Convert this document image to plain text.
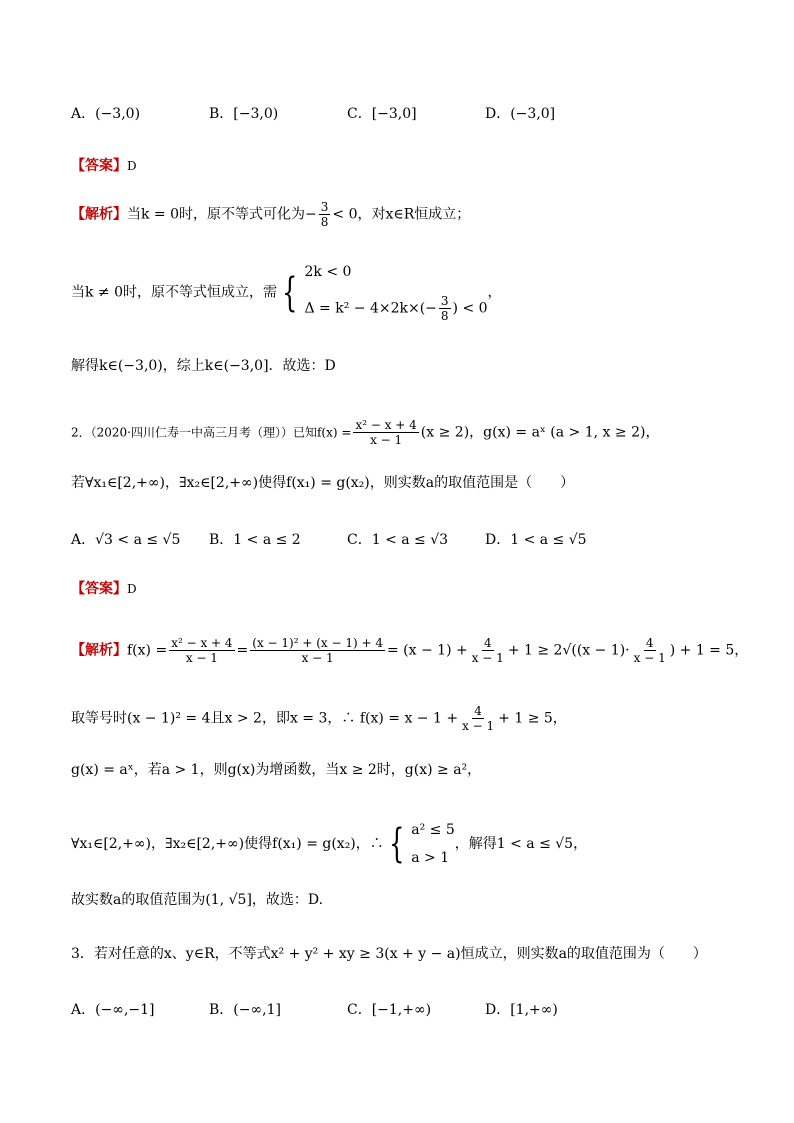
A．(−3,0)	B．[−3,0)	C．[−3,0]	D．(−3,0]
【答案】D
【解析】当k = 0时，原不等式可化为− $\frac{3}{8} < 0$，对x∈R恒成立；
当k ≠ 0时，原不等式恒成立，需 { 2k < 0
$\Delta = k^2 - 4\times 2k\times(- \frac{3}{8}$ ) < 0
，
解得k∈(−3,0)，综上k∈(−3,0]．故选：D
2．（2020·四川仁寿一中高三月考（理））已知$f(x) = \frac{\text{x² − x + 4}}{x - 1} (x \ge 2)$，g(x) = aˣ (a > 1, x ≥ 2)，
若∀x₁∈[2,+∞)，∃x₂∈[2,+∞)使得f(x₁) = g(x₂)，则实数a的取值范围是（　　）
A．√3 < a ≤ √5 B．1 < a ≤ 2	C．1 < a ≤ √3	D．1 < a ≤ √5
【答案】D
【解析】$f(x) = \frac{\text{x² − x + 4}}{x - 1} = \frac{\text{(x − 1)² + (x − 1) + 4}}{x - 1} = (x - 1) + \frac{4}{x - 1} + 1 \ge 2√((x - 1)\cdot \frac{4}{x - 1}$ ) + 1 = 5，
取等号时(x − 1)² = 4且x > 2，即x = 3，∴ $f(x) = x - 1 + \frac{4}{x - 1} + 1 \ge 5$，
g(x) = aˣ，若a > 1，则g(x)为增函数，当x ≥ 2时，g(x) ≥ a²，
∀x₁∈[2,+∞)，∃x₂∈[2,+∞)使得f(x₁) = g(x₂)，∴ { a² ≤ 5
a > 1
，解得1 < a ≤ √5，
故实数a的取值范围为(1, √5]，故选：D.
3．若对任意的x、y∈R，不等式x² + y² + xy ≥ 3(x + y − a)恒成立，则实数a的取值范围为（　　）
A．(−∞,−1]	B．(−∞,1]	C．[−1,+∞)	D．[1,+∞)
